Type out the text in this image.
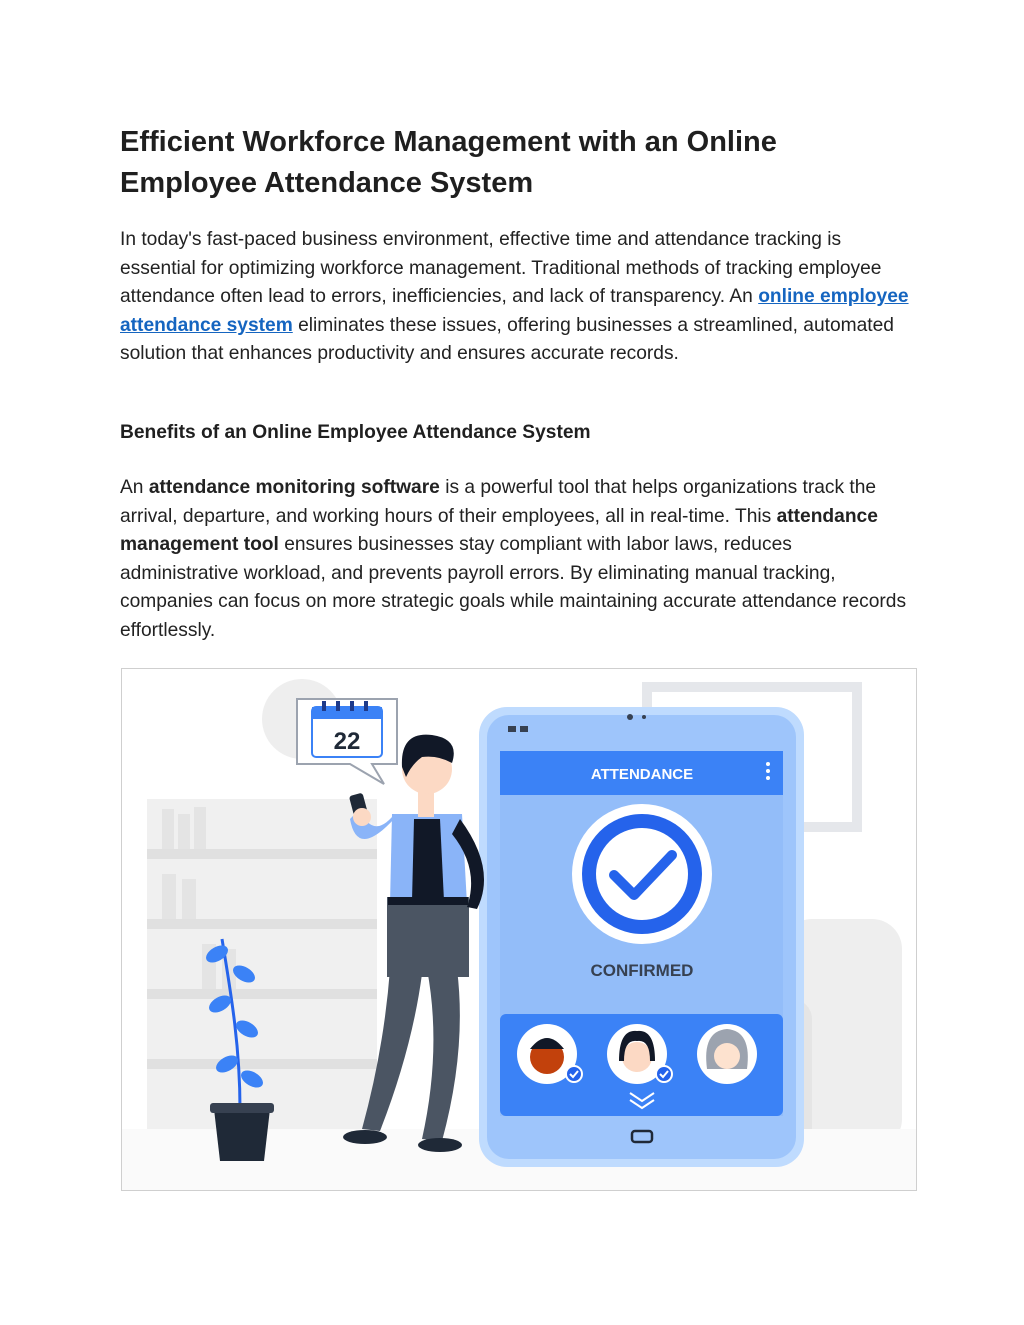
Efficient Workforce Management with an Online
Employee Attendance System

In today's fast-paced business environment, effective time and attendance tracking is essential for optimizing workforce management. Traditional methods of tracking employee attendance often lead to errors, inefficiencies, and lack of transparency. An online employee attendance system eliminates these issues, offering businesses a streamlined, automated solution that enhances productivity and ensures accurate records.

Benefits of an Online Employee Attendance System

An attendance monitoring software is a powerful tool that helps organizations track the arrival, departure, and working hours of their employees, all in real-time. This attendance management tool ensures businesses stay compliant with labor laws, reduces administrative workload, and prevents payroll errors. By eliminating manual tracking, companies can focus on more strategic goals while maintaining accurate attendance records effortlessly.

22
ATTENDANCE
CONFIRMED
